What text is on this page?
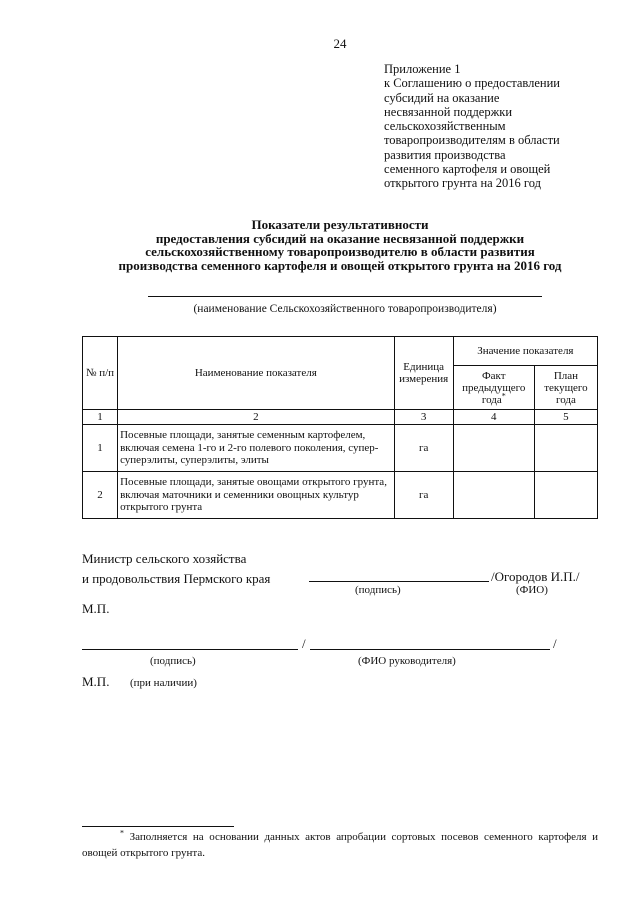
24
Приложение 1
к Соглашению о предоставлении
субсидий на оказание
несвязанной поддержки
сельскохозяйственным
товаропроизводителям в области
развития производства
семенного картофеля и овощей
открытого грунта на 2016 год
Показатели результативности
предоставления субсидий на оказание несвязанной поддержки
сельскохозяйственному товаропроизводителю в области развития
производства семенного картофеля и овощей открытого грунта на 2016 год
(наименование Сельскохозяйственного товаропроизводителя)
№ п/п	Наименование показателя	Единица измерения	Значение показателя	
			Факт предыдущего года*	План текущего года
1	2	3	4	5
1	Посевные площади, занятые семенным картофелем, включая семена 1-го и 2-го полевого поколения, супер-суперэлиты, суперэлиты, элиты	га		
2	Посевные площади, занятые овощами открытого грунта, включая маточники и семенники овощных культур открытого грунта	га		
Министр сельского хозяйства
и продовольствия Пермского края	/Огородов И.П./
(подпись)	(ФИО)
М.П.
/	/
(подпись)	(ФИО руководителя)
М.П. (при наличии)
* Заполняется на основании данных актов апробации сортовых посевов семенного картофеля и овощей открытого грунта.
